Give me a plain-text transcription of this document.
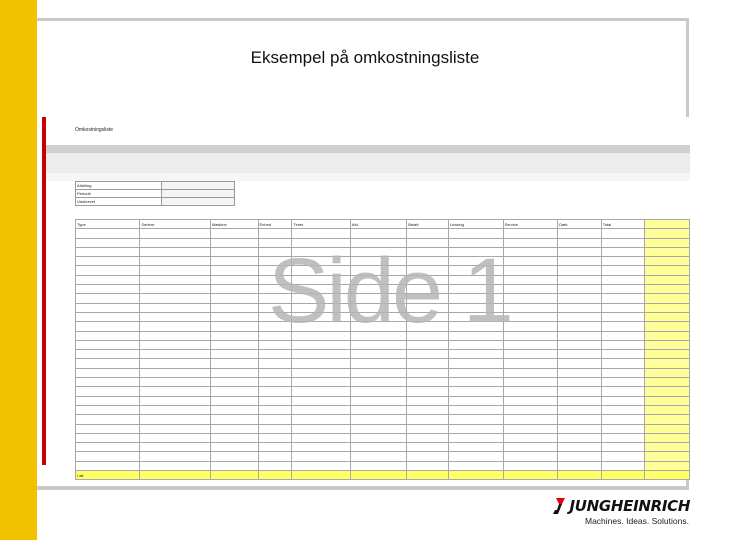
Eksempel på omkostningsliste
Omkostningsliste
Afdeling	
Periode	
Udskrevet	
Type	Serienr.	Maskine	Enhed	Timer	Afd.	Beløb	Leasing	Service	Dæk	Total	

I alt											
Side 1
JUNGHEINRICH
Machines. Ideas. Solutions.
